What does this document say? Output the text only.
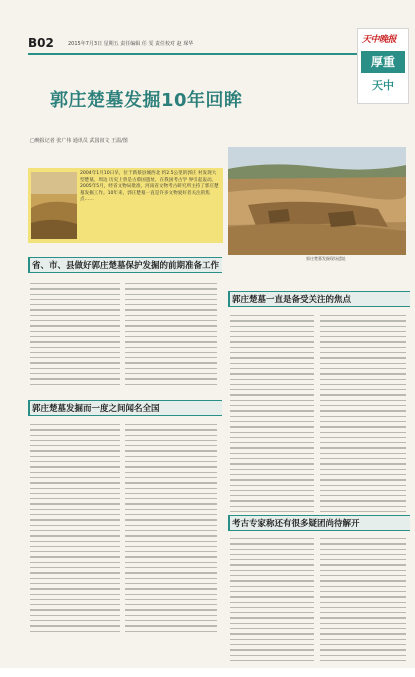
B02	2015年7月3日 星期五 责任编辑 任 雯 责任校对 赵 琛华	天中晚报
厚重
天中
郭庄楚墓发掘10年回眸
□晚报记者 张广伟 通讯员 武国叔文 王温/图
2004年1月10日早，位于新蔡县城西北 约2.5公里的郭庄 村发现大型楚墓，周边 历史上曾是古蔡国遗址，在我国考古学 界引起轰动。2005年5月，经省文物局批准，河南省文物考古研究所主持了郭庄楚墓发掘工作。10年来，郭庄楚墓一直是许多文物爱好者关注的焦点……
郭庄楚墓发掘现场遗址
省、市、县做好郭庄楚墓保护发掘的前期准备工作
郭庄楚墓发掘而一度之间闻名全国
郭庄楚墓一直是备受关注的焦点
考古专家称还有很多疑团尚待解开
